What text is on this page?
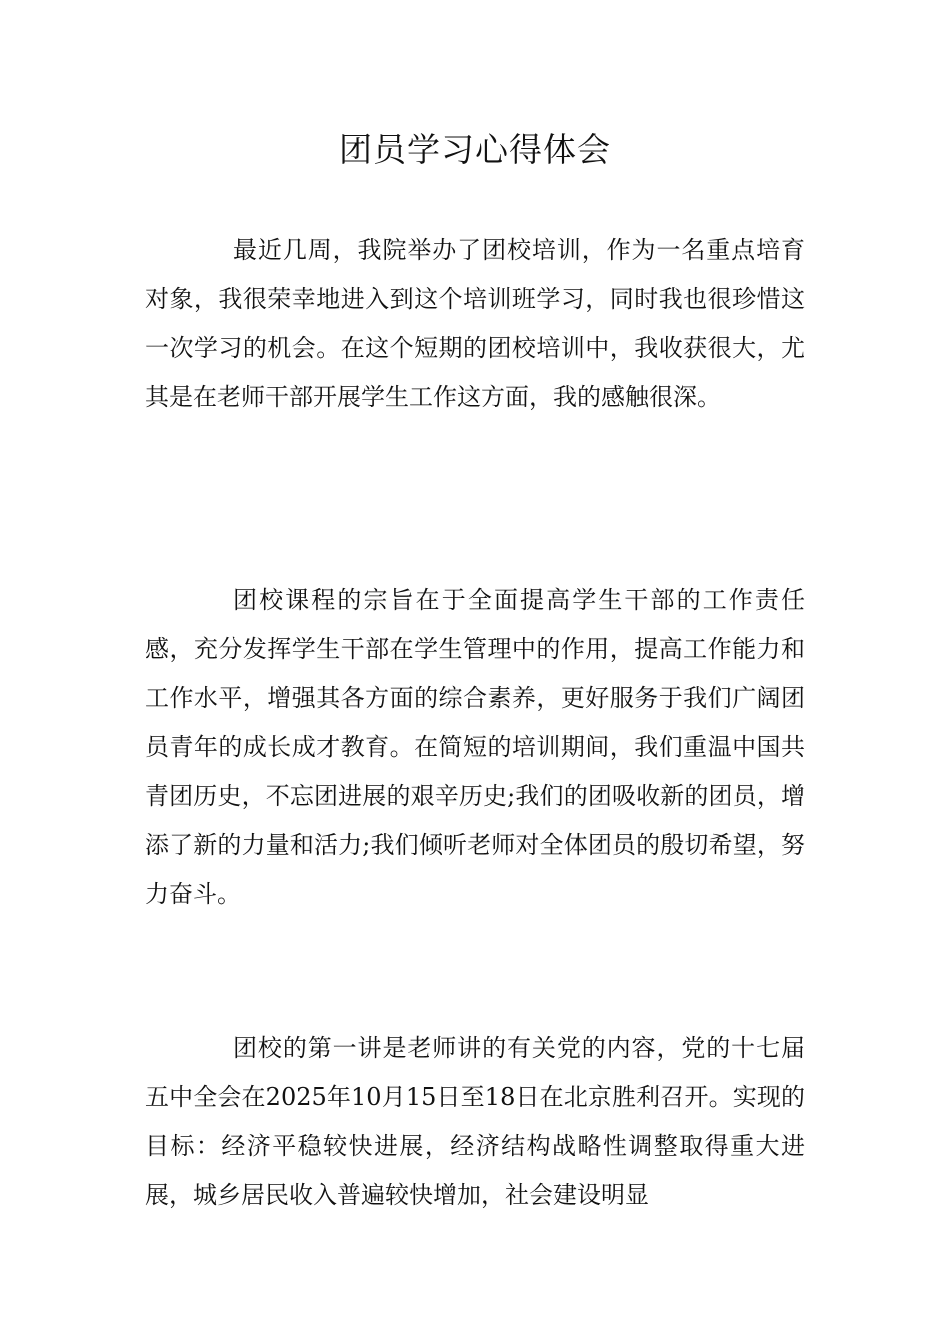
团员学习心得体会

最近几周，我院举办了团校培训，作为一名重点培育对象，我很荣幸地进入到这个培训班学习，同时我也很珍惜这一次学习的机会。在这个短期的团校培训中，我收获很大，尤其是在老师干部开展学生工作这方面，我的感触很深。

团校课程的宗旨在于全面提高学生干部的工作责任感，充分发挥学生干部在学生管理中的作用，提高工作能力和工作水平，增强其各方面的综合素养，更好服务于我们广阔团员青年的成长成才教育。在简短的培训期间，我们重温中国共青团历史，不忘团进展的艰辛历史;我们的团吸收新的团员，增添了新的力量和活力;我们倾听老师对全体团员的殷切希望，努力奋斗。

团校的第一讲是老师讲的有关党的内容，党的十七届五中全会在2025年10月15日至18日在北京胜利召开。实现的目标：经济平稳较快进展，经济结构战略性调整取得重大进展，城乡居民收入普遍较快增加，社会建设明显
